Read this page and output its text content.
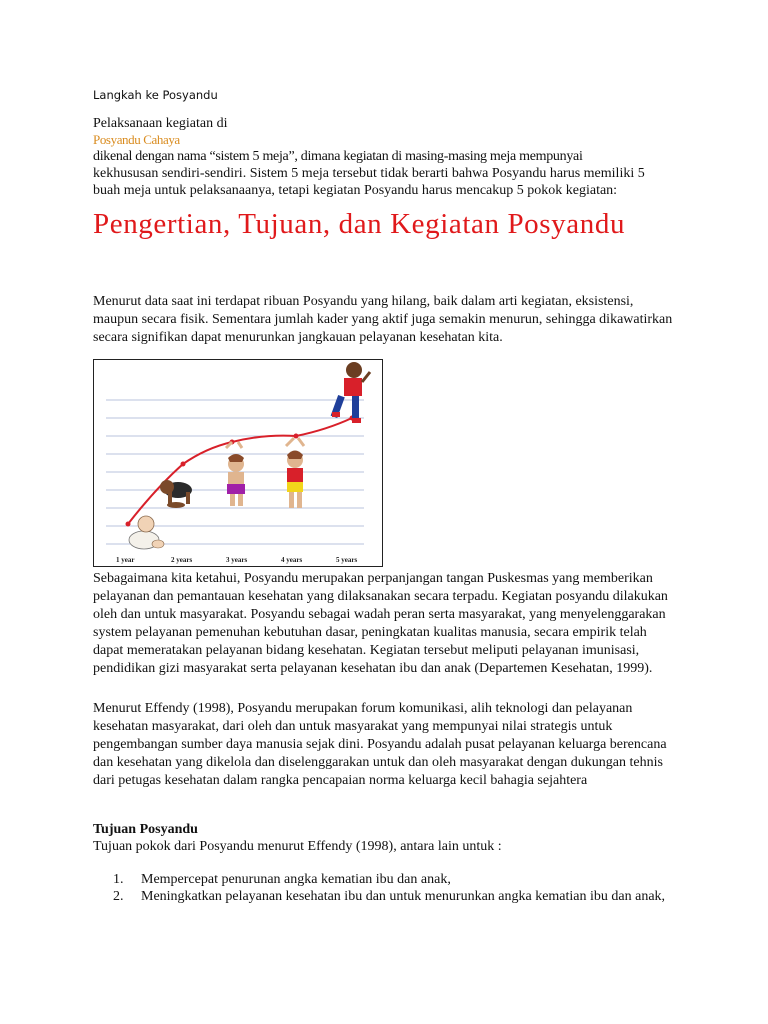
Langkah ke Posyandu
Pelaksanaan kegiatan di
Posyandu Cahaya
dikenal dengan nama “sistem 5 meja”, dimana kegiatan di masing-masing meja mempunyai
kekhususan sendiri-sendiri. Sistem 5 meja tersebut tidak berarti bahwa Posyandu harus memiliki 5 buah meja untuk pelaksanaanya, tetapi kegiatan Posyandu harus mencakup 5 pokok kegiatan:
Pengertian, Tujuan, dan Kegiatan Posyandu
Menurut data saat ini terdapat ribuan Posyandu yang hilang, baik dalam arti kegiatan, eksistensi, maupun secara fisik. Sementara jumlah kader yang aktif juga semakin menurun, sehingga dikawatirkan secara signifikan dapat menurunkan jangkauan pelayanan kesehatan kita.
1 year	2 years	3 years	4 years	5 years
Sebagaimana kita ketahui, Posyandu merupakan perpanjangan tangan Puskesmas yang memberikan pelayanan dan pemantauan kesehatan yang dilaksanakan secara terpadu. Kegiatan posyandu dilakukan oleh dan untuk masyarakat. Posyandu sebagai wadah peran serta masyarakat, yang menyelenggarakan system pelayanan pemenuhan kebutuhan dasar, peningkatan kualitas manusia, secara empirik telah dapat memeratakan pelayanan bidang kesehatan. Kegiatan tersebut meliputi pelayanan imunisasi, pendidikan gizi masyarakat serta pelayanan kesehatan ibu dan anak (Departemen Kesehatan, 1999).
Menurut Effendy (1998), Posyandu merupakan forum komunikasi, alih teknologi dan pelayanan kesehatan masyarakat, dari oleh dan untuk masyarakat yang mempunyai nilai strategis untuk pengembangan sumber daya manusia sejak dini. Posyandu adalah pusat pelayanan keluarga berencana dan kesehatan yang dikelola dan diselenggarakan untuk dan oleh masyarakat dengan dukungan tehnis dari petugas kesehatan dalam rangka pencapaian norma keluarga kecil bahagia sejahtera
Tujuan Posyandu
Tujuan pokok dari Posyandu menurut Effendy (1998), antara lain untuk :
1. Mempercepat penurunan angka kematian ibu dan anak,
2. Meningkatkan pelayanan kesehatan ibu dan untuk menurunkan angka kematian ibu dan anak,
